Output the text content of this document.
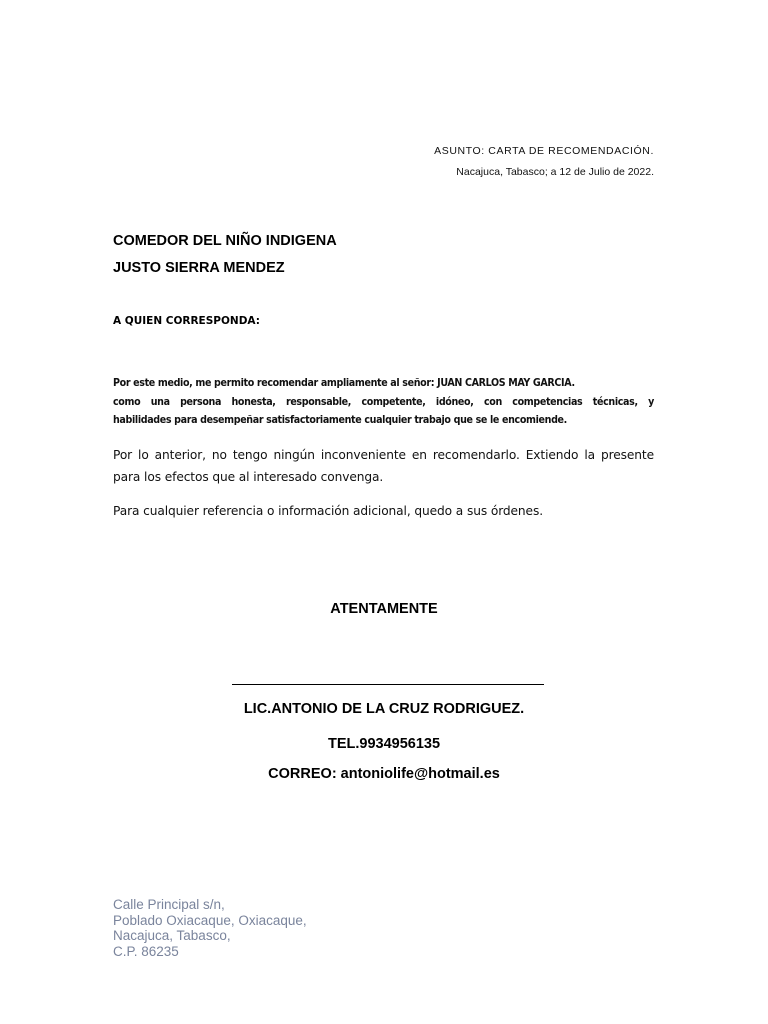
ASUNTO: CARTA DE RECOMENDACIÓN.
Nacajuca, Tabasco; a 12 de Julio de 2022.
COMEDOR DEL NIÑO INDIGENA
JUSTO SIERRA MENDEZ
A QUIEN CORRESPONDA:
Por este medio, me permito recomendar ampliamente al señor: JUAN CARLOS MAY GARCIA.
como una persona honesta, responsable, competente, idóneo, con competencias técnicas, y
habilidades para desempeñar satisfactoriamente cualquier trabajo que se le encomiende.
Por lo anterior, no tengo ningún inconveniente en recomendarlo. Extiendo la presente para los efectos que al interesado convenga.
Para cualquier referencia o información adicional, quedo a sus órdenes.
ATENTAMENTE
LIC.ANTONIO DE LA CRUZ RODRIGUEZ.
TEL.9934956135
CORREO: antoniolife@hotmail.es
Calle Principal s/n,
Poblado Oxiacaque, Oxiacaque,
Nacajuca, Tabasco,
C.P. 86235
